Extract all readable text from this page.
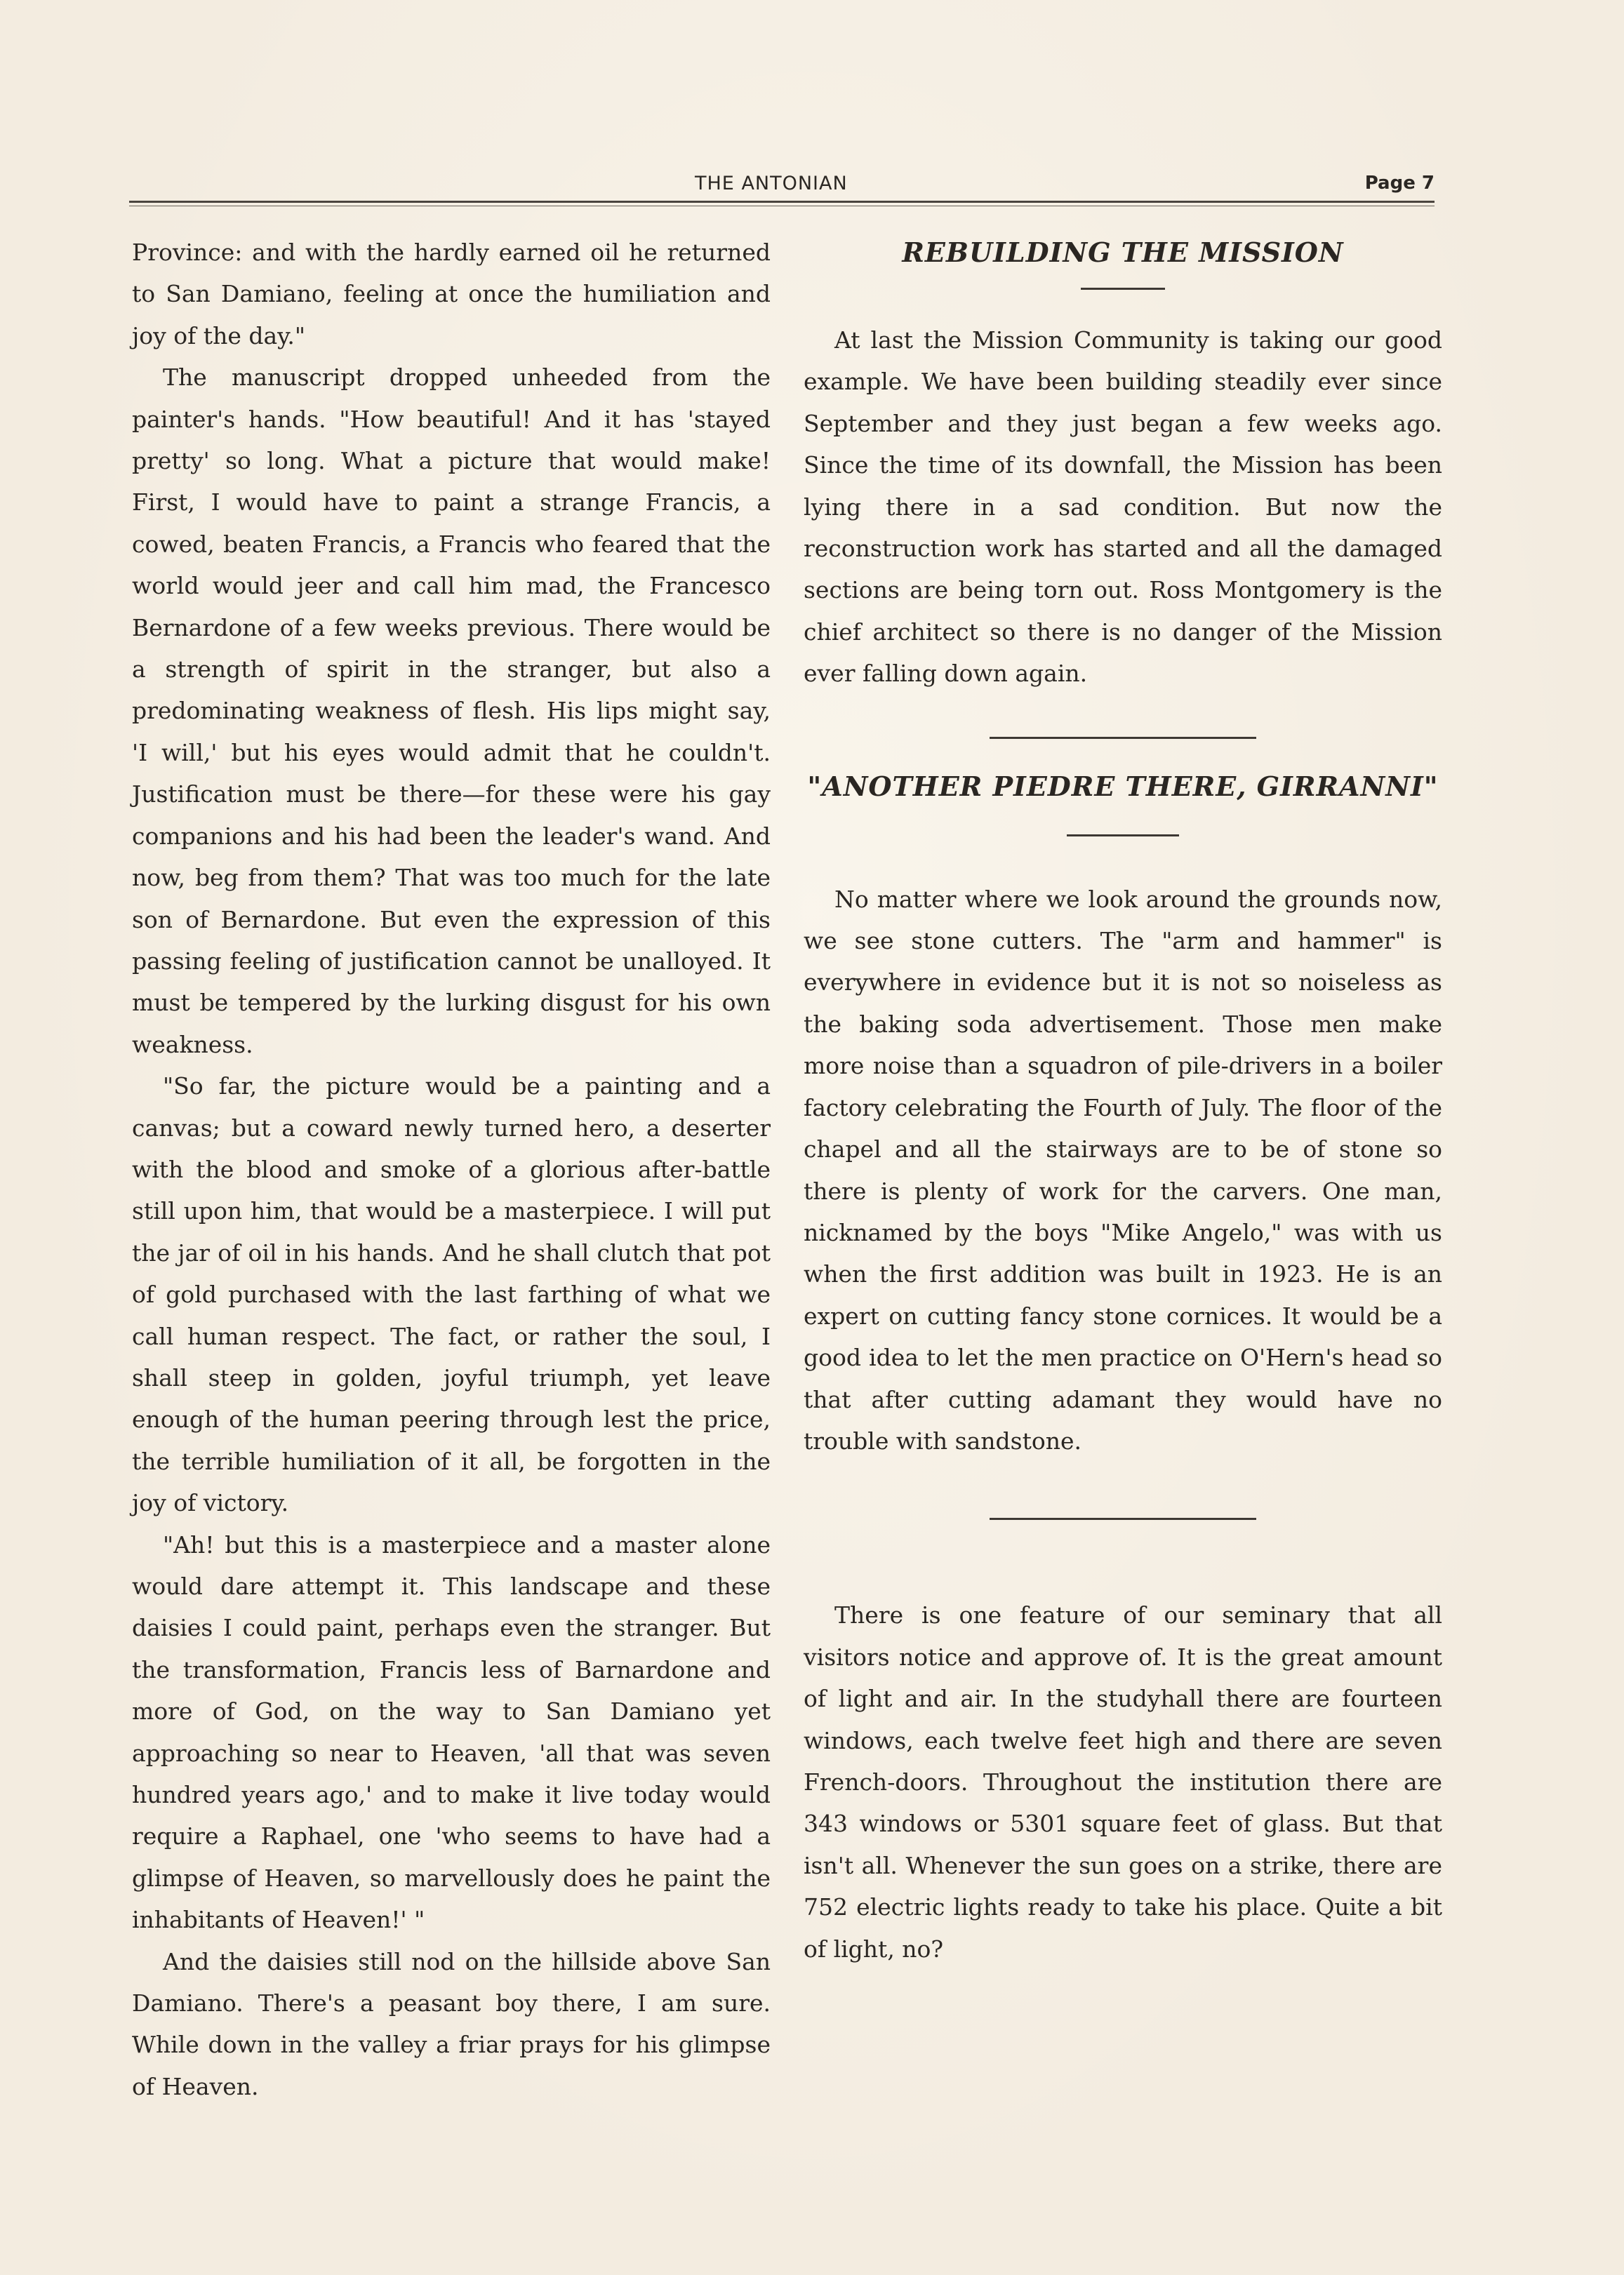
THE ANTONIAN	Page 7

Province: and with the hardly earned oil he returned to San Damiano, feeling at once the humiliation and joy of the day."

The manuscript dropped unheeded from the painter's hands. "How beautiful! And it has 'stayed pretty' so long. What a picture that would make! First, I would have to paint a strange Francis, a cowed, beaten Francis, a Francis who feared that the world would jeer and call him mad, the Francesco Bernardone of a few weeks previous. There would be a strength of spirit in the stranger, but also a predominating weakness of flesh. His lips might say, 'I will,' but his eyes would admit that he couldn't. Justification must be there—for these were his gay companions and his had been the leader's wand. And now, beg from them? That was too much for the late son of Bernardone. But even the expression of this passing feeling of justification cannot be unalloyed. It must be tempered by the lurking disgust for his own weakness.

"So far, the picture would be a painting and a canvas; but a coward newly turned hero, a deserter with the blood and smoke of a glorious after-battle still upon him, that would be a masterpiece. I will put the jar of oil in his hands. And he shall clutch that pot of gold purchased with the last farthing of what we call human respect. The fact, or rather the soul, I shall steep in golden, joyful triumph, yet leave enough of the human peering through lest the price, the terrible humiliation of it all, be forgotten in the joy of victory.

"Ah! but this is a masterpiece and a master alone would dare attempt it. This landscape and these daisies I could paint, perhaps even the stranger. But the transformation, Francis less of Barnardone and more of God, on the way to San Damiano yet approaching so near to Heaven, 'all that was seven hundred years ago,' and to make it live today would require a Raphael, one 'who seems to have had a glimpse of Heaven, so marvellously does he paint the inhabitants of Heaven!' "

And the daisies still nod on the hillside above San Damiano. There's a peasant boy there, I am sure. While down in the valley a friar prays for his glimpse of Heaven.

REBUILDING THE MISSION

At last the Mission Community is taking our good example. We have been building steadily ever since September and they just began a few weeks ago. Since the time of its downfall, the Mission has been lying there in a sad condition. But now the reconstruction work has started and all the damaged sections are being torn out. Ross Montgomery is the chief architect so there is no danger of the Mission ever falling down again.

"ANOTHER PIEDRE THERE, GIRRANNI"

No matter where we look around the grounds now, we see stone cutters. The "arm and hammer" is everywhere in evidence but it is not so noiseless as the baking soda advertisement. Those men make more noise than a squadron of pile-drivers in a boiler factory celebrating the Fourth of July. The floor of the chapel and all the stairways are to be of stone so there is plenty of work for the carvers. One man, nicknamed by the boys "Mike Angelo," was with us when the first addition was built in 1923. He is an expert on cutting fancy stone cornices. It would be a good idea to let the men practice on O'Hern's head so that after cutting adamant they would have no trouble with sandstone.

There is one feature of our seminary that all visitors notice and approve of. It is the great amount of light and air. In the studyhall there are fourteen windows, each twelve feet high and there are seven French-doors. Throughout the institution there are 343 windows or 5301 square feet of glass. But that isn't all. Whenever the sun goes on a strike, there are 752 electric lights ready to take his place. Quite a bit of light, no?
